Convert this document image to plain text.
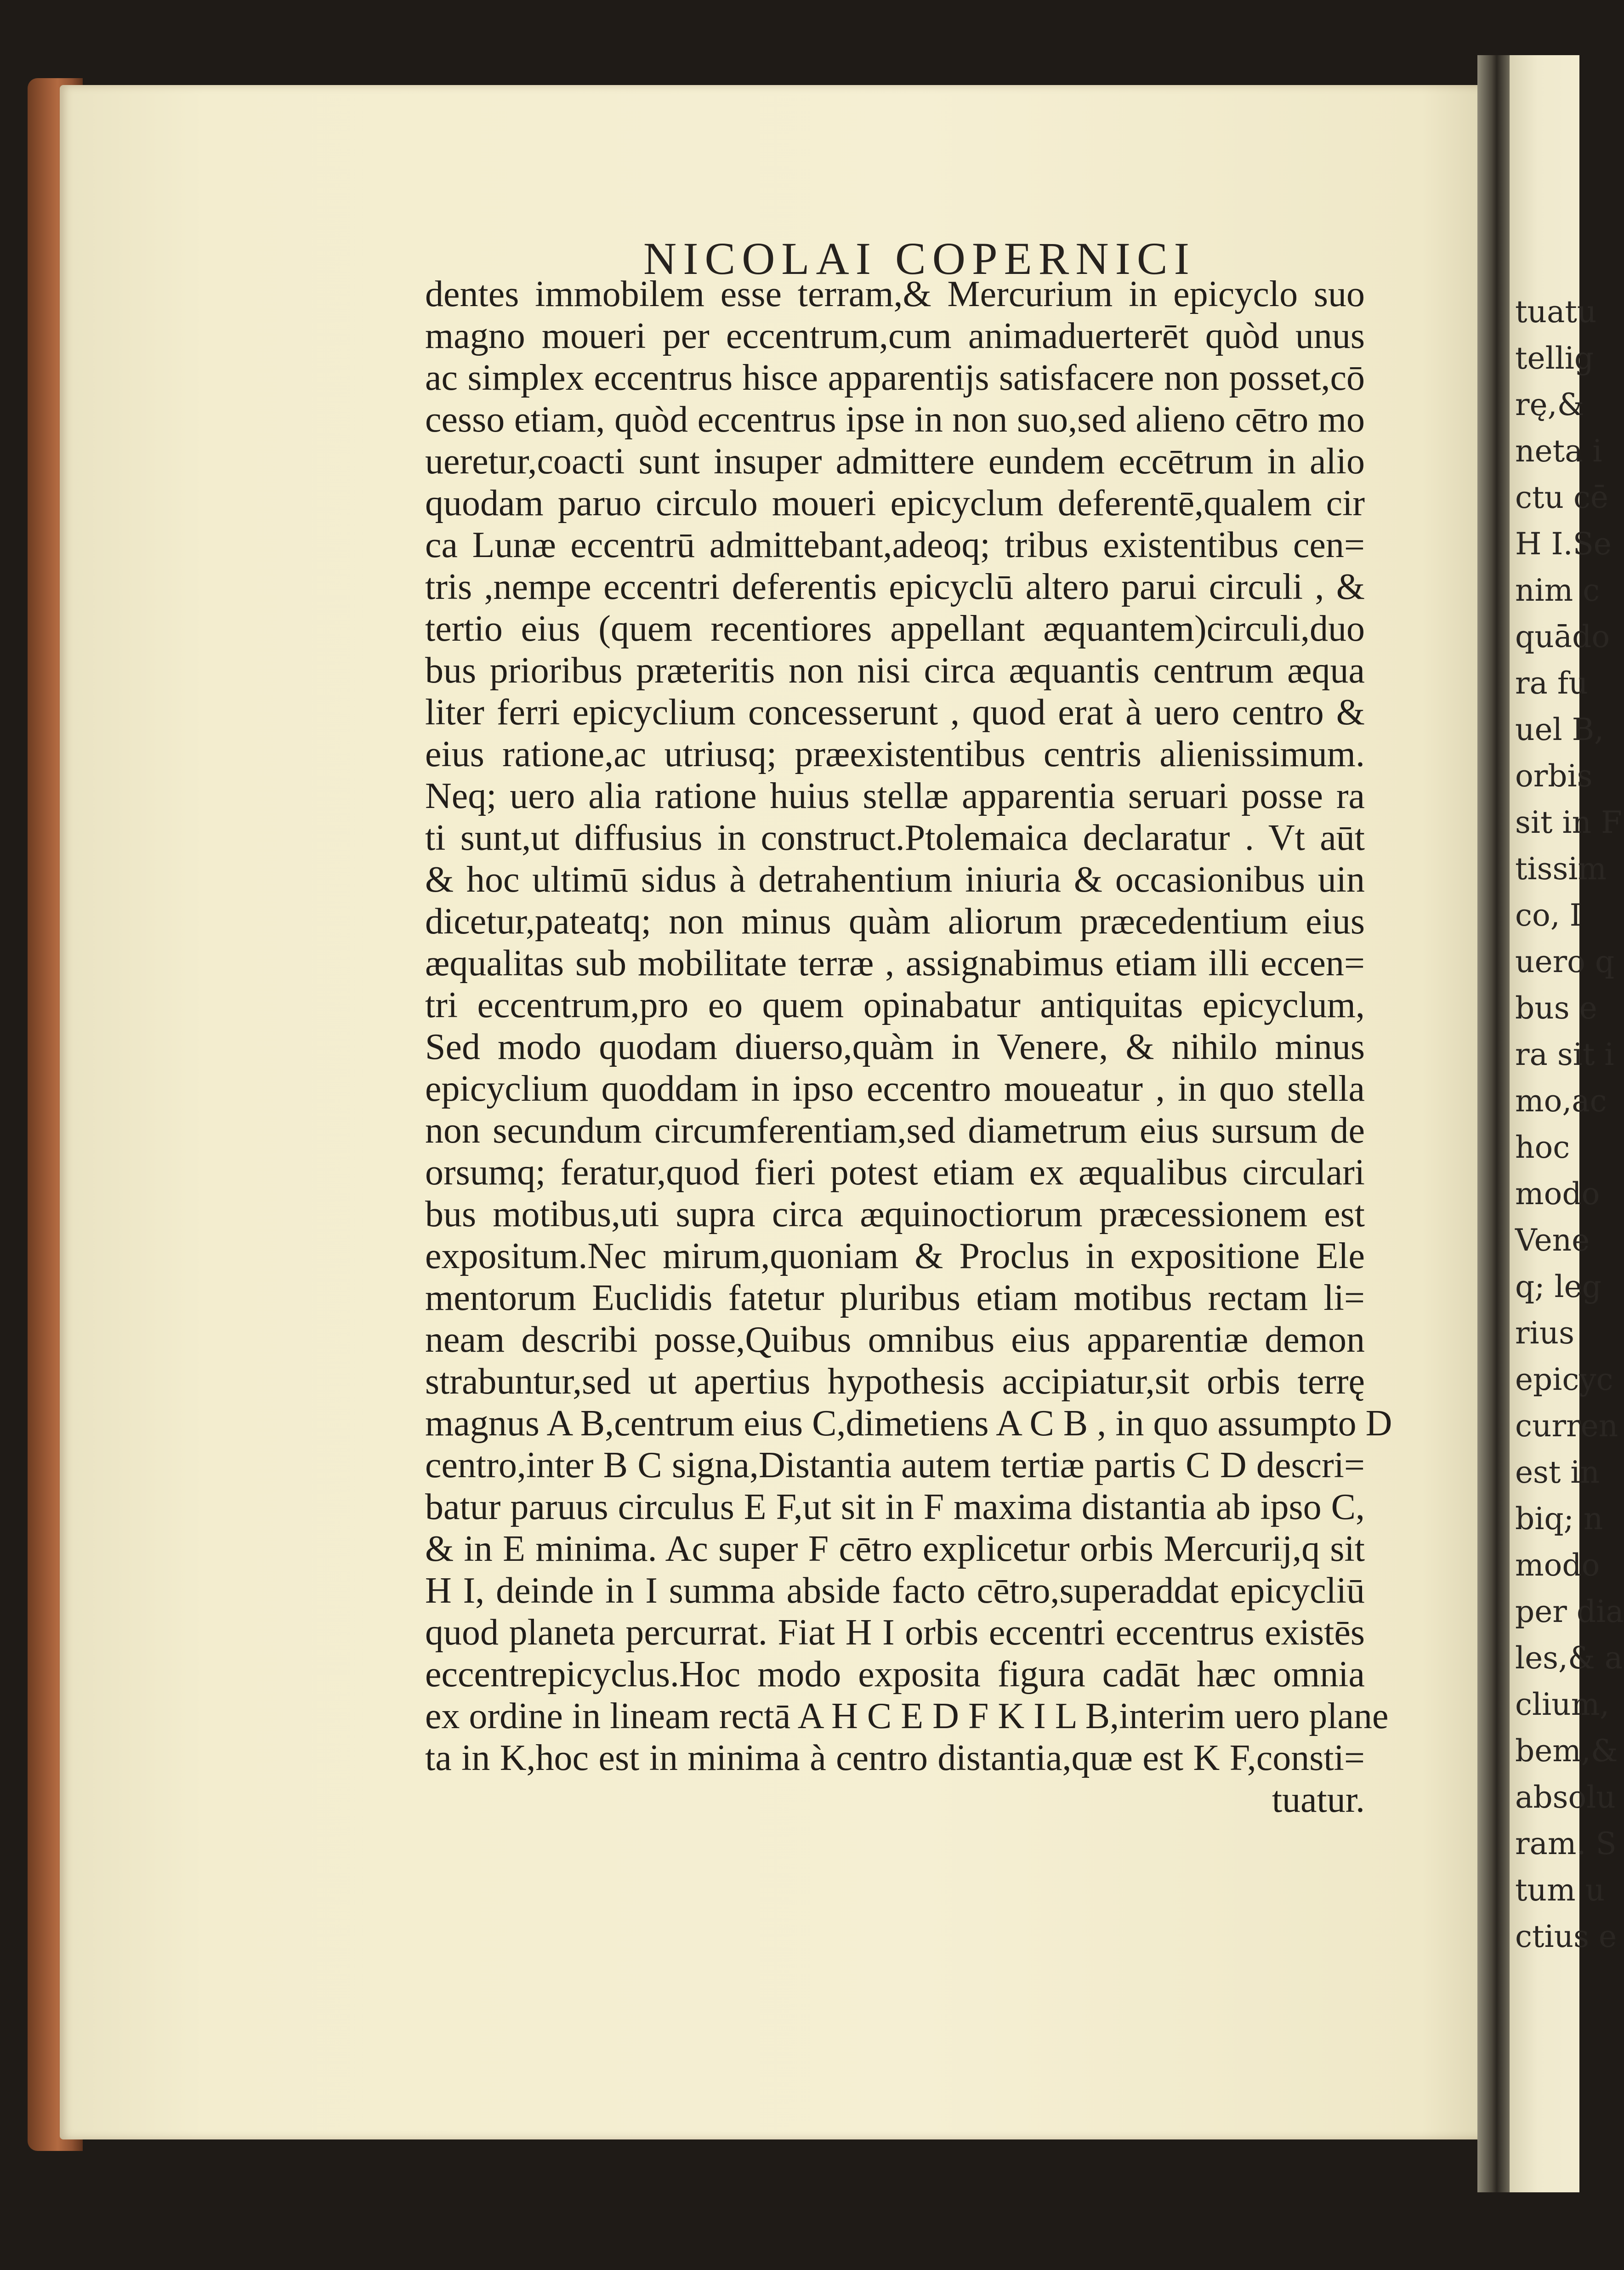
tuatu
tellig
rę,&
neta i
ctu cē
H I.Se
nim c
quādo
ra fu
uel B,
orbis
sit in F
tissim
co, I
uero q
bus e
ra sit i
mo,ac
hoc
modo
Vene
q; leg
rius
epicyc
curren
est in
biq; n
modo
per dia
les,& a
clium,
bem,&
absolu
ram. S
tum u
ctius e
NICOLAI COPERNICI
dentes immobilem esse terram,& Mercurium in epicyclo suo
magno moueri per eccentrum,cum animaduerterēt quòd unus
ac simplex eccentrus hisce apparentijs satisfacere non posset,cō
cesso etiam, quòd eccentrus ipse in non suo,sed alieno cētro mo
ueretur,coacti sunt insuper admittere eundem eccētrum in alio
quodam paruo circulo moueri epicyclum deferentē,qualem cir
ca Lunæ eccentrū admittebant,adeoq; tribus existentibus cen=
tris ,nempe eccentri deferentis epicyclū altero parui circuli , &
tertio eius (quem recentiores appellant æquantem)circuli,duo
bus prioribus præteritis non nisi circa æquantis centrum æqua
liter ferri epicyclium concesserunt , quod erat à uero centro &
eius ratione,ac utriusq; præexistentibus centris alienissimum.
Neq; uero alia ratione huius stellæ apparentia seruari posse ra
ti sunt,ut diffusius in construct.Ptolemaica declaratur . Vt aūt
& hoc ultimū sidus à detrahentium iniuria & occasionibus uin
dicetur,pateatq; non minus quàm aliorum præcedentium eius
æqualitas sub mobilitate terræ , assignabimus etiam illi eccen=
tri eccentrum,pro eo quem opinabatur antiquitas epicyclum,
Sed modo quodam diuerso,quàm in Venere, & nihilo minus
epicyclium quoddam in ipso eccentro moueatur , in quo stella
non secundum circumferentiam,sed diametrum eius sursum de
orsumq; feratur,quod fieri potest etiam ex æqualibus circulari
bus motibus,uti supra circa æquinoctiorum præcessionem est
expositum.Nec mirum,quoniam & Proclus in expositione Ele
mentorum Euclidis fatetur pluribus etiam motibus rectam li=
neam describi posse,Quibus omnibus eius apparentiæ demon
strabuntur,sed ut apertius hypothesis accipiatur,sit orbis terrę
magnus A B,centrum eius C,dimetiens A C B , in quo assumpto D
centro,inter B C signa,Distantia autem tertiæ partis C D descri=
batur paruus circulus E F,ut sit in F maxima distantia ab ipso C,
& in E minima. Ac super F cētro explicetur orbis Mercurij,q sit
H I, deinde in I summa abside facto cētro,superaddat epicycliū
quod planeta percurrat. Fiat H I orbis eccentri eccentrus existēs
eccentrepicyclus.Hoc modo exposita figura cadāt hæc omnia
ex ordine in lineam rectā A H C E D F K I L B,interim uero plane
ta in K,hoc est in minima à centro distantia,quæ est K F,consti=
tuatur.
